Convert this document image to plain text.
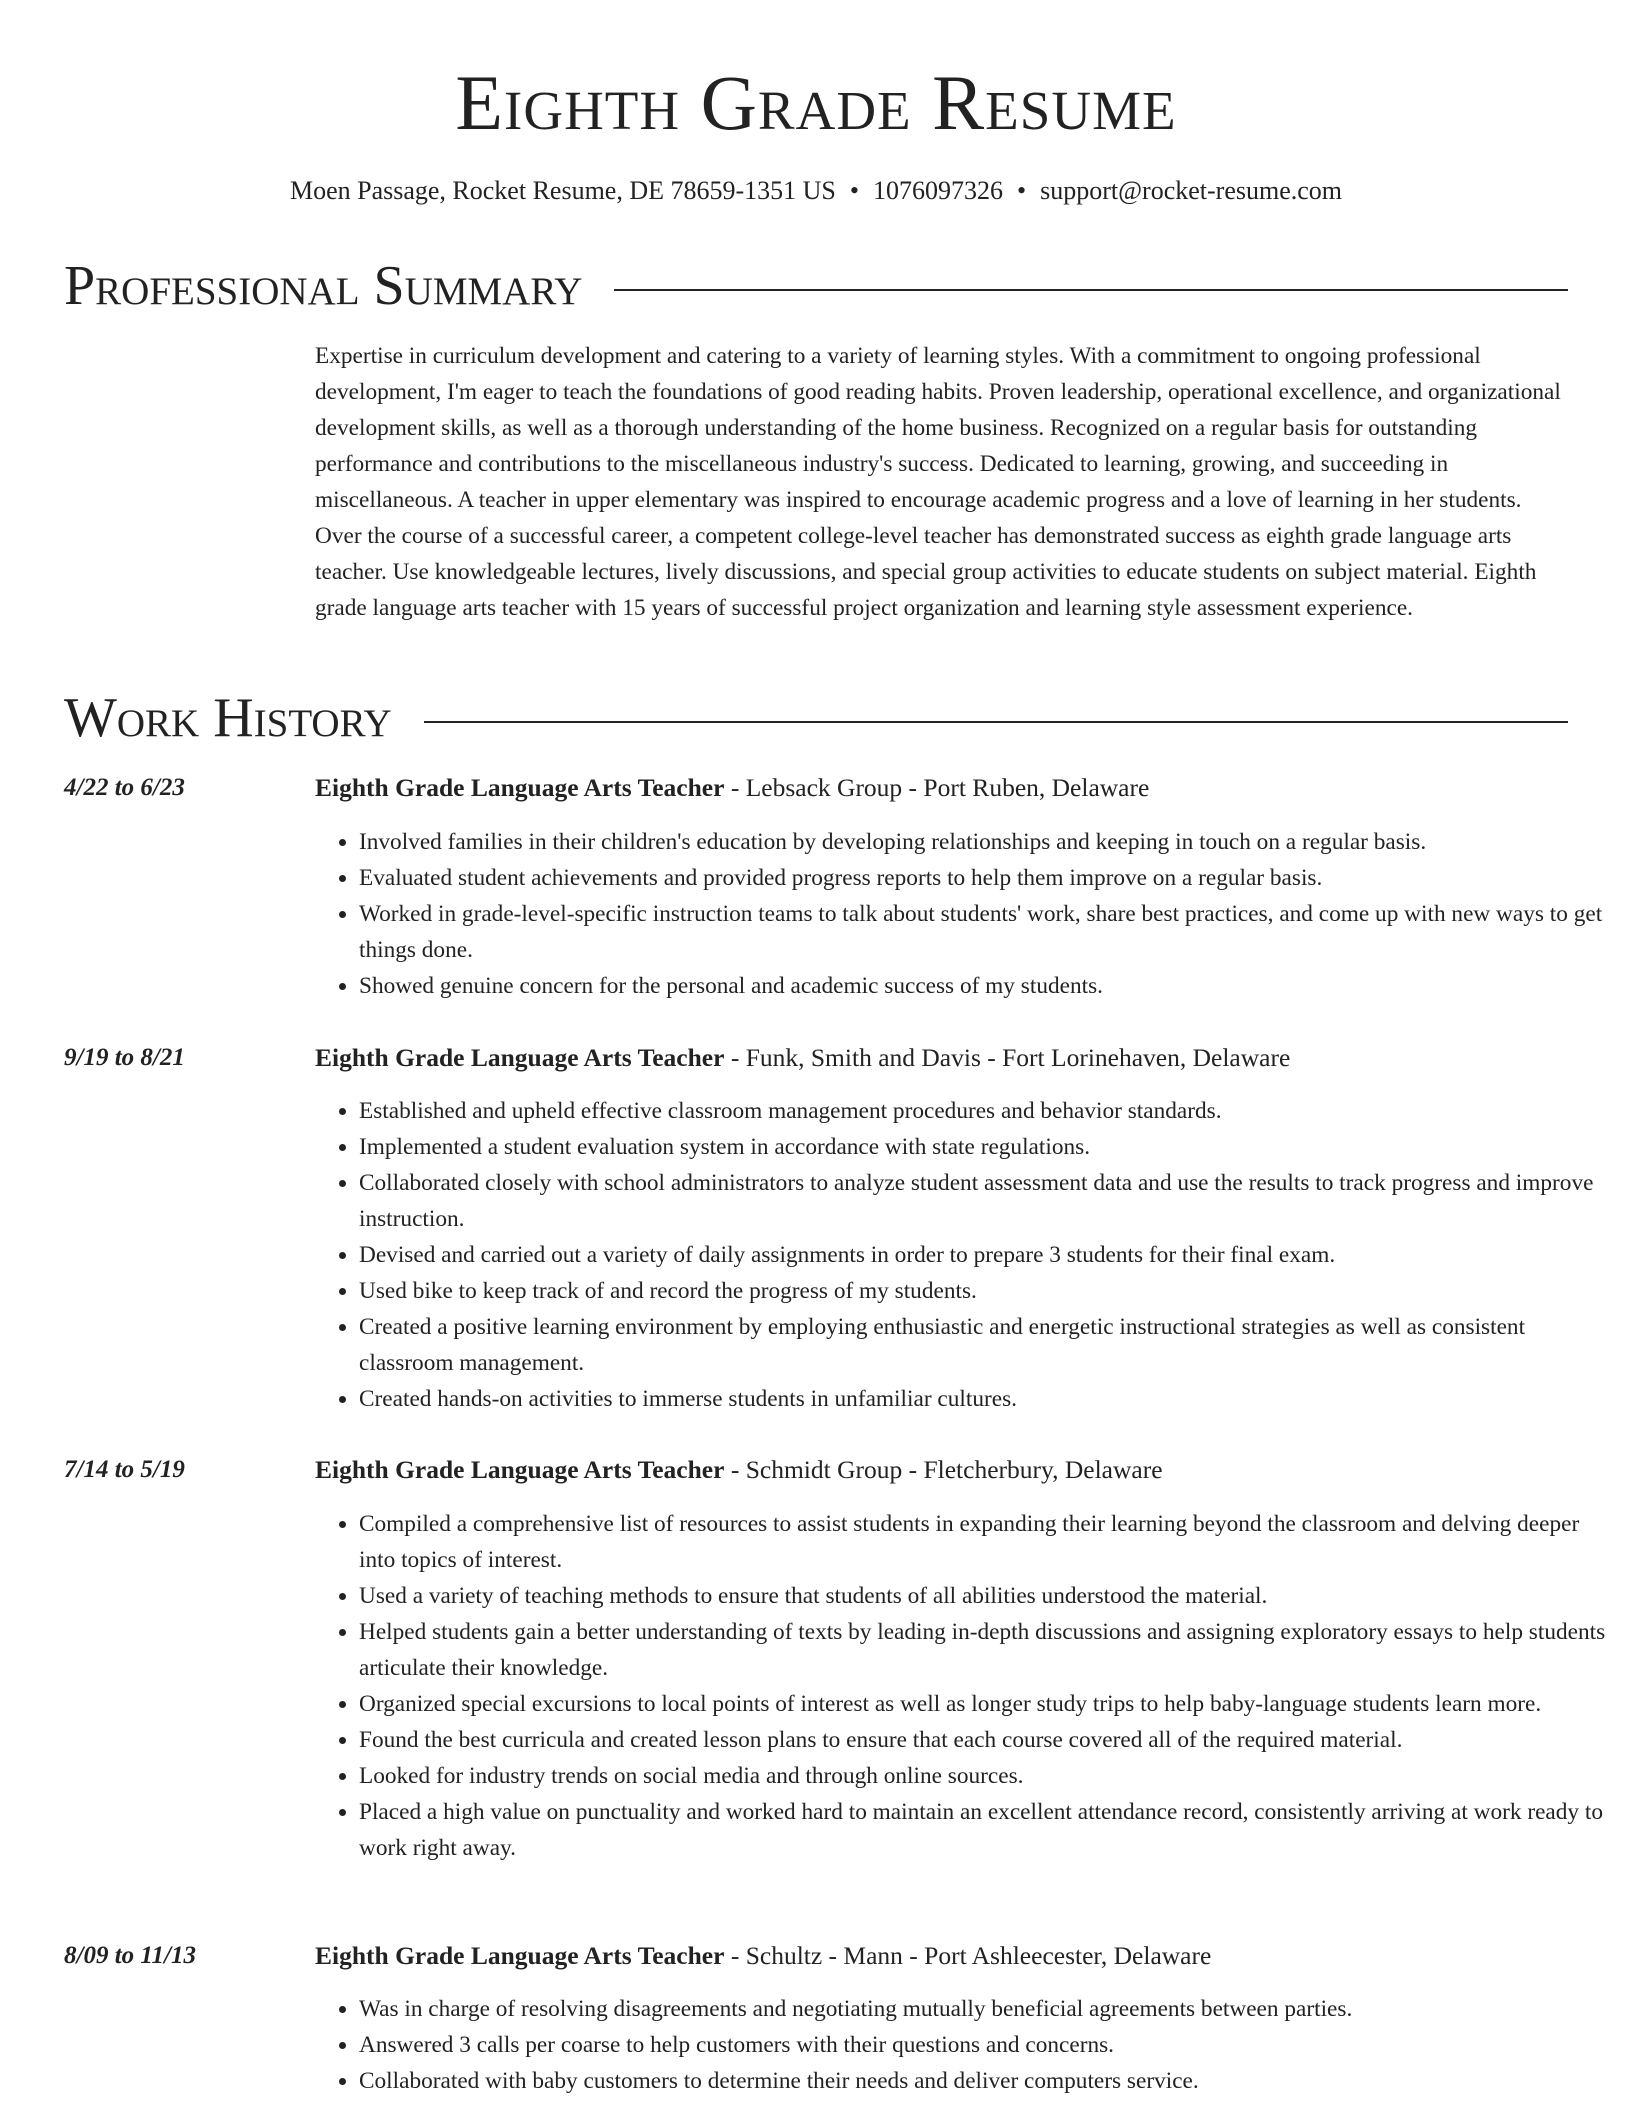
Eighth Grade Resume
Moen Passage, Rocket Resume, DE 78659-1351 US • 1076097326 • support@rocket-resume.com
Professional Summary

Expertise in curriculum development and catering to a variety of learning styles. With a commitment to ongoing professional development, I'm eager to teach the foundations of good reading habits. Proven leadership, operational excellence, and organizational development skills, as well as a thorough understanding of the home business. Recognized on a regular basis for outstanding performance and contributions to the miscellaneous industry's success. Dedicated to learning, growing, and succeeding in miscellaneous. A teacher in upper elementary was inspired to encourage academic progress and a love of learning in her students. Over the course of a successful career, a competent college-level teacher has demonstrated success as eighth grade language arts teacher. Use knowledgeable lectures, lively discussions, and special group activities to educate students on subject material. Eighth grade language arts teacher with 15 years of successful project organization and learning style assessment experience.

Work History
4/22 to 6/23	Eighth Grade Language Arts Teacher - Lebsack Group - Port Ruben, Delaware
• Involved families in their children's education by developing relationships and keeping in touch on a regular basis.
• Evaluated student achievements and provided progress reports to help them improve on a regular basis.
• Worked in grade-level-specific instruction teams to talk about students' work, share best practices, and come up with new ways to get things done.
• Showed genuine concern for the personal and academic success of my students.
9/19 to 8/21	Eighth Grade Language Arts Teacher - Funk, Smith and Davis - Fort Lorinehaven, Delaware
• Established and upheld effective classroom management procedures and behavior standards.
• Implemented a student evaluation system in accordance with state regulations.
• Collaborated closely with school administrators to analyze student assessment data and use the results to track progress and improve instruction.
• Devised and carried out a variety of daily assignments in order to prepare 3 students for their final exam.
• Used bike to keep track of and record the progress of my students.
• Created a positive learning environment by employing enthusiastic and energetic instructional strategies as well as consistent classroom management.
• Created hands-on activities to immerse students in unfamiliar cultures.
7/14 to 5/19	Eighth Grade Language Arts Teacher - Schmidt Group - Fletcherbury, Delaware
• Compiled a comprehensive list of resources to assist students in expanding their learning beyond the classroom and delving deeper into topics of interest.
• Used a variety of teaching methods to ensure that students of all abilities understood the material.
• Helped students gain a better understanding of texts by leading in-depth discussions and assigning exploratory essays to help students articulate their knowledge.
• Organized special excursions to local points of interest as well as longer study trips to help baby-language students learn more.
• Found the best curricula and created lesson plans to ensure that each course covered all of the required material.
• Looked for industry trends on social media and through online sources.
• Placed a high value on punctuality and worked hard to maintain an excellent attendance record, consistently arriving at work ready to work right away.
8/09 to 11/13	Eighth Grade Language Arts Teacher - Schultz - Mann - Port Ashleecester, Delaware
• Was in charge of resolving disagreements and negotiating mutually beneficial agreements between parties.
• Answered 3 calls per coarse to help customers with their questions and concerns.
• Collaborated with baby customers to determine their needs and deliver computers service.
